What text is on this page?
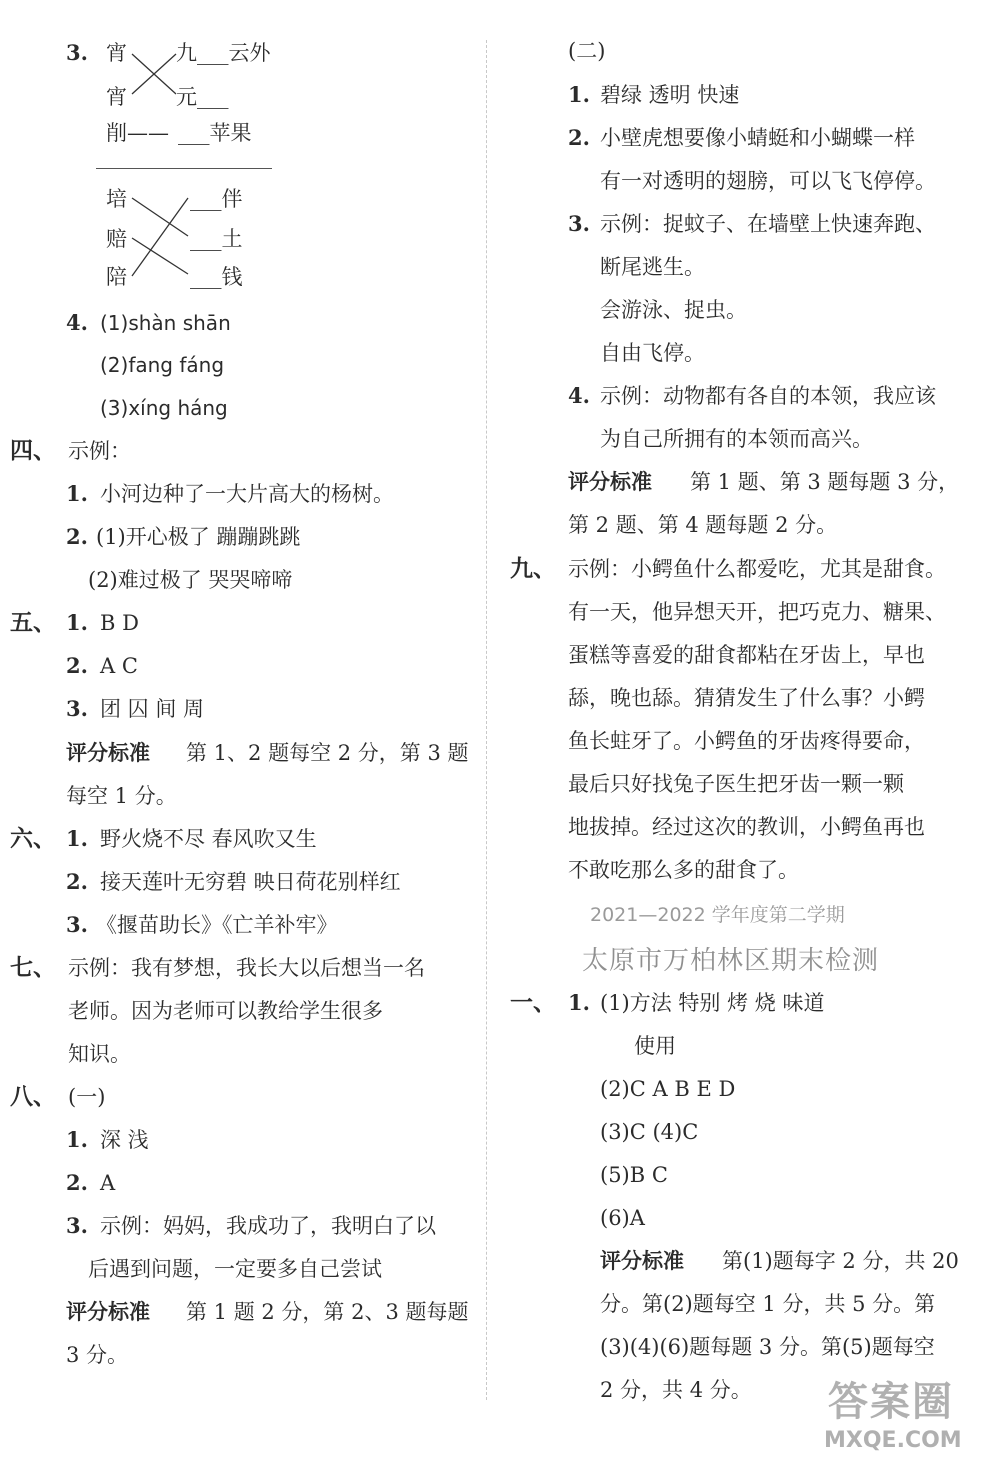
3. 宵
宵
削——
九___云外
元___
___苹果
培
赔
陪
___伴
___土
___钱
4. (1)shàn shān
(2)fang fáng
(3)xíng háng
四、 示例：
1. 小河边种了一大片高大的杨树。
2. (1)开心极了 蹦蹦跳跳
(2)难过极了 哭哭啼啼
五、 1. B D
2. A C
3. 团 囚 间 周
评分标准 第 1、2 题每空 2 分，第 3 题
每空 1 分。
六、 1. 野火烧不尽 春风吹又生
2. 接天莲叶无穷碧 映日荷花别样红
3. 《揠苗助长》《亡羊补牢》
七、 示例：我有梦想，我长大以后想当一名
老师。因为老师可以教给学生很多
知识。
八、 (一)
1. 深 浅
2. A
3. 示例：妈妈，我成功了，我明白了以
后遇到问题，一定要多自己尝试
评分标准 第 1 题 2 分，第 2、3 题每题
3 分。
(二)
1. 碧绿 透明 快速
2. 小壁虎想要像小蜻蜓和小蝴蝶一样
有一对透明的翅膀，可以飞飞停停。
3. 示例：捉蚊子、在墙壁上快速奔跑、
断尾逃生。
会游泳、捉虫。
自由飞停。
4. 示例：动物都有各自的本领，我应该
为自己所拥有的本领而高兴。
评分标准 第 1 题、第 3 题每题 3 分，
第 2 题、第 4 题每题 2 分。
九、 示例：小鳄鱼什么都爱吃，尤其是甜食。
有一天，他异想天开，把巧克力、糖果、
蛋糕等喜爱的甜食都粘在牙齿上，早也
舔，晚也舔。猜猜发生了什么事？小鳄
鱼长蛀牙了。小鳄鱼的牙齿疼得要命，
最后只好找兔子医生把牙齿一颗一颗
地拔掉。经过这次的教训，小鳄鱼再也
不敢吃那么多的甜食了。
2021—2022 学年度第二学期
太原市万柏林区期末检测
一、 1. (1)方法 特别 烤 烧 味道
使用
(2)C A B E D
(3)C (4)C
(5)B C
(6)A
评分标准 第(1)题每字 2 分，共 20
分。第(2)题每空 1 分，共 5 分。第
(3)(4)(6)题每题 3 分。第(5)题每空
2 分，共 4 分。 答案圈
MXQE.COM
